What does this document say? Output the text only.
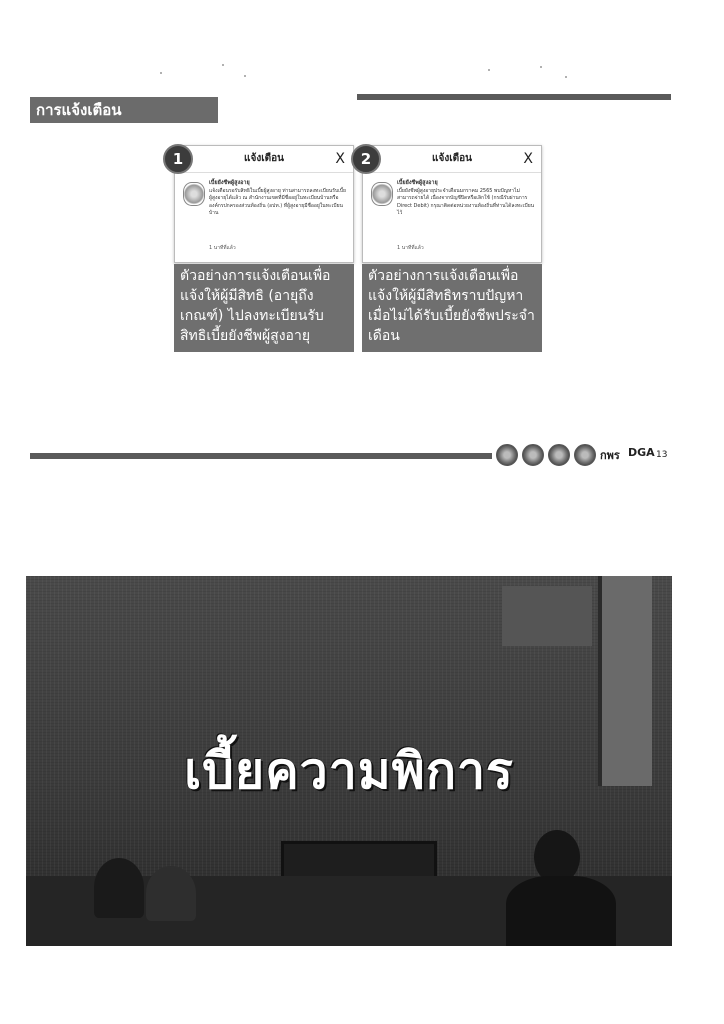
การแจ้งเตือน (Notification)
แจ้งเตือน	X
1
เบี้ยยังชีพผู้สูงอายุ
แจ้งเตือนรอรับสิทธิในเบี้ยผู้สูงอายุ ท่านสามารถลงทะเบียนรับเบี้ยผู้สูงอายุได้แล้ว ณ สำนักงานเขตที่มีชื่ออยู่ในทะเบียนบ้านหรือองค์กรปกครองส่วนท้องถิ่น (อปท.) ที่ผู้สูงอายุมีชื่ออยู่ในทะเบียนบ้าน
1 นาทีที่แล้ว
แจ้งเตือน	X
2
เบี้ยยังชีพผู้สูงอายุ
เบี้ยยังชีพผู้สูงอายุประจำเดือนมกราคม 2565 พบปัญหาไม่สามารถจ่ายได้ เนื่องจากบัญชีปิดหรือเลิกใช้ (กรณีรับผ่านการ Direct Debit) กรุณาติดต่อหน่วยงานท้องถิ่นที่ท่านได้ลงทะเบียนไว้
1 นาทีที่แล้ว
ตัวอย่างการแจ้งเตือนเพื่อแจ้งให้ผู้มีสิทธิ (อายุถึงเกณฑ์) ไปลงทะเบียนรับสิทธิเบี้ยยังชีพผู้สูงอายุ
ตัวอย่างการแจ้งเตือนเพื่อแจ้งให้ผู้มีสิทธิทราบปัญหาเมื่อไม่ได้รับเบี้ยยังชีพประจำเดือน
กพร DGA 13
เบี้ยความพิการ
